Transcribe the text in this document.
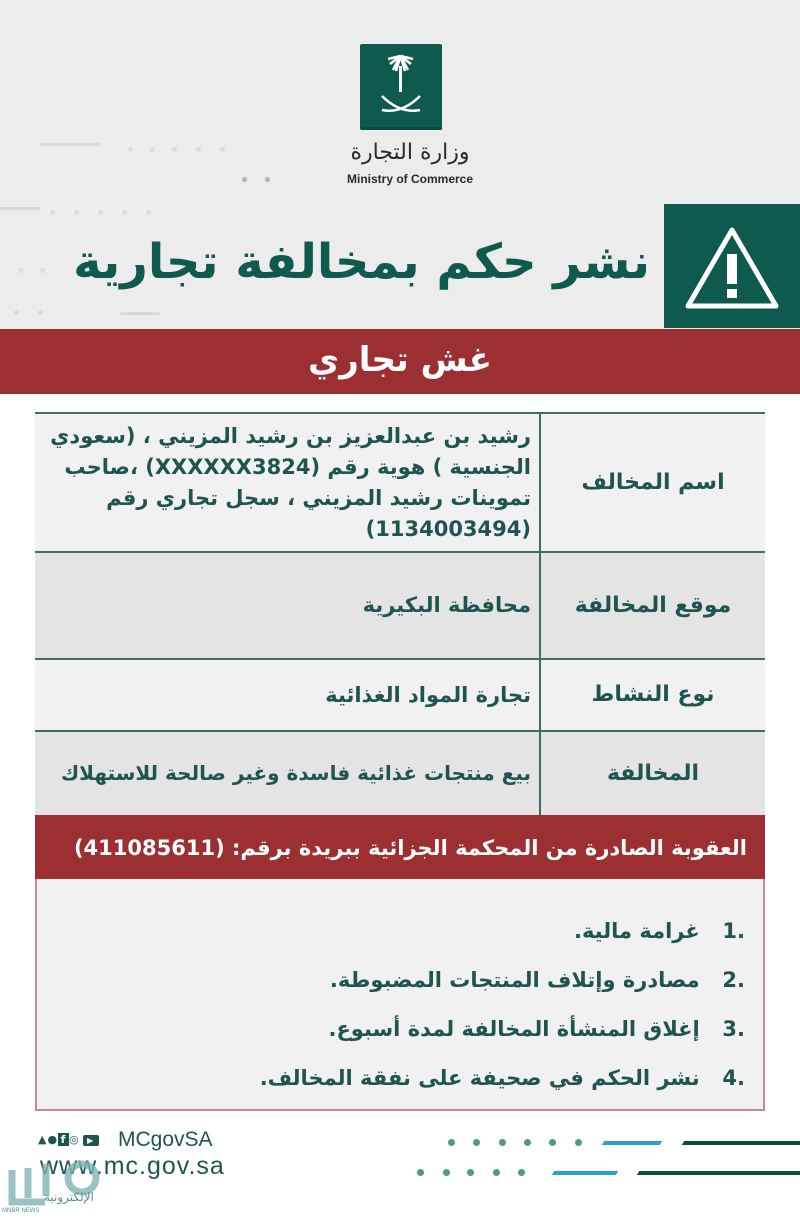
وزارة التجارة
Ministry of Commerce
نشر حكم بمخالفة تجارية
غش تجاري
اسم المخالف	رشيد بن عبدالعزيز بن رشيد المزيني ، (سعودي الجنسية ) هوية رقم (XXXXXX3824) ،صاحب تموينات رشيد المزيني ، سجل تجاري رقم (1134003494)
موقع المخالفة	محافظة البكيرية
نوع النشاط	تجارة المواد الغذائية
المخالفة	بيع منتجات غذائية فاسدة وغير صالحة للاستهلاك
العقوبة الصادرة من المحكمة الجزائية ببريدة برقم: (411085611)
1. غرامة مالية.
2. مصادرة وإتلاف المنتجات المضبوطة.
3. إغلاق المنشأة المخالفة لمدة أسبوع.
4. نشر الحكم في صحيفة على نفقة المخالف.
▲● f ◎ ▶ MCgovSA
www.mc.gov.sa
الإلكترونية
MNBR NEWS
